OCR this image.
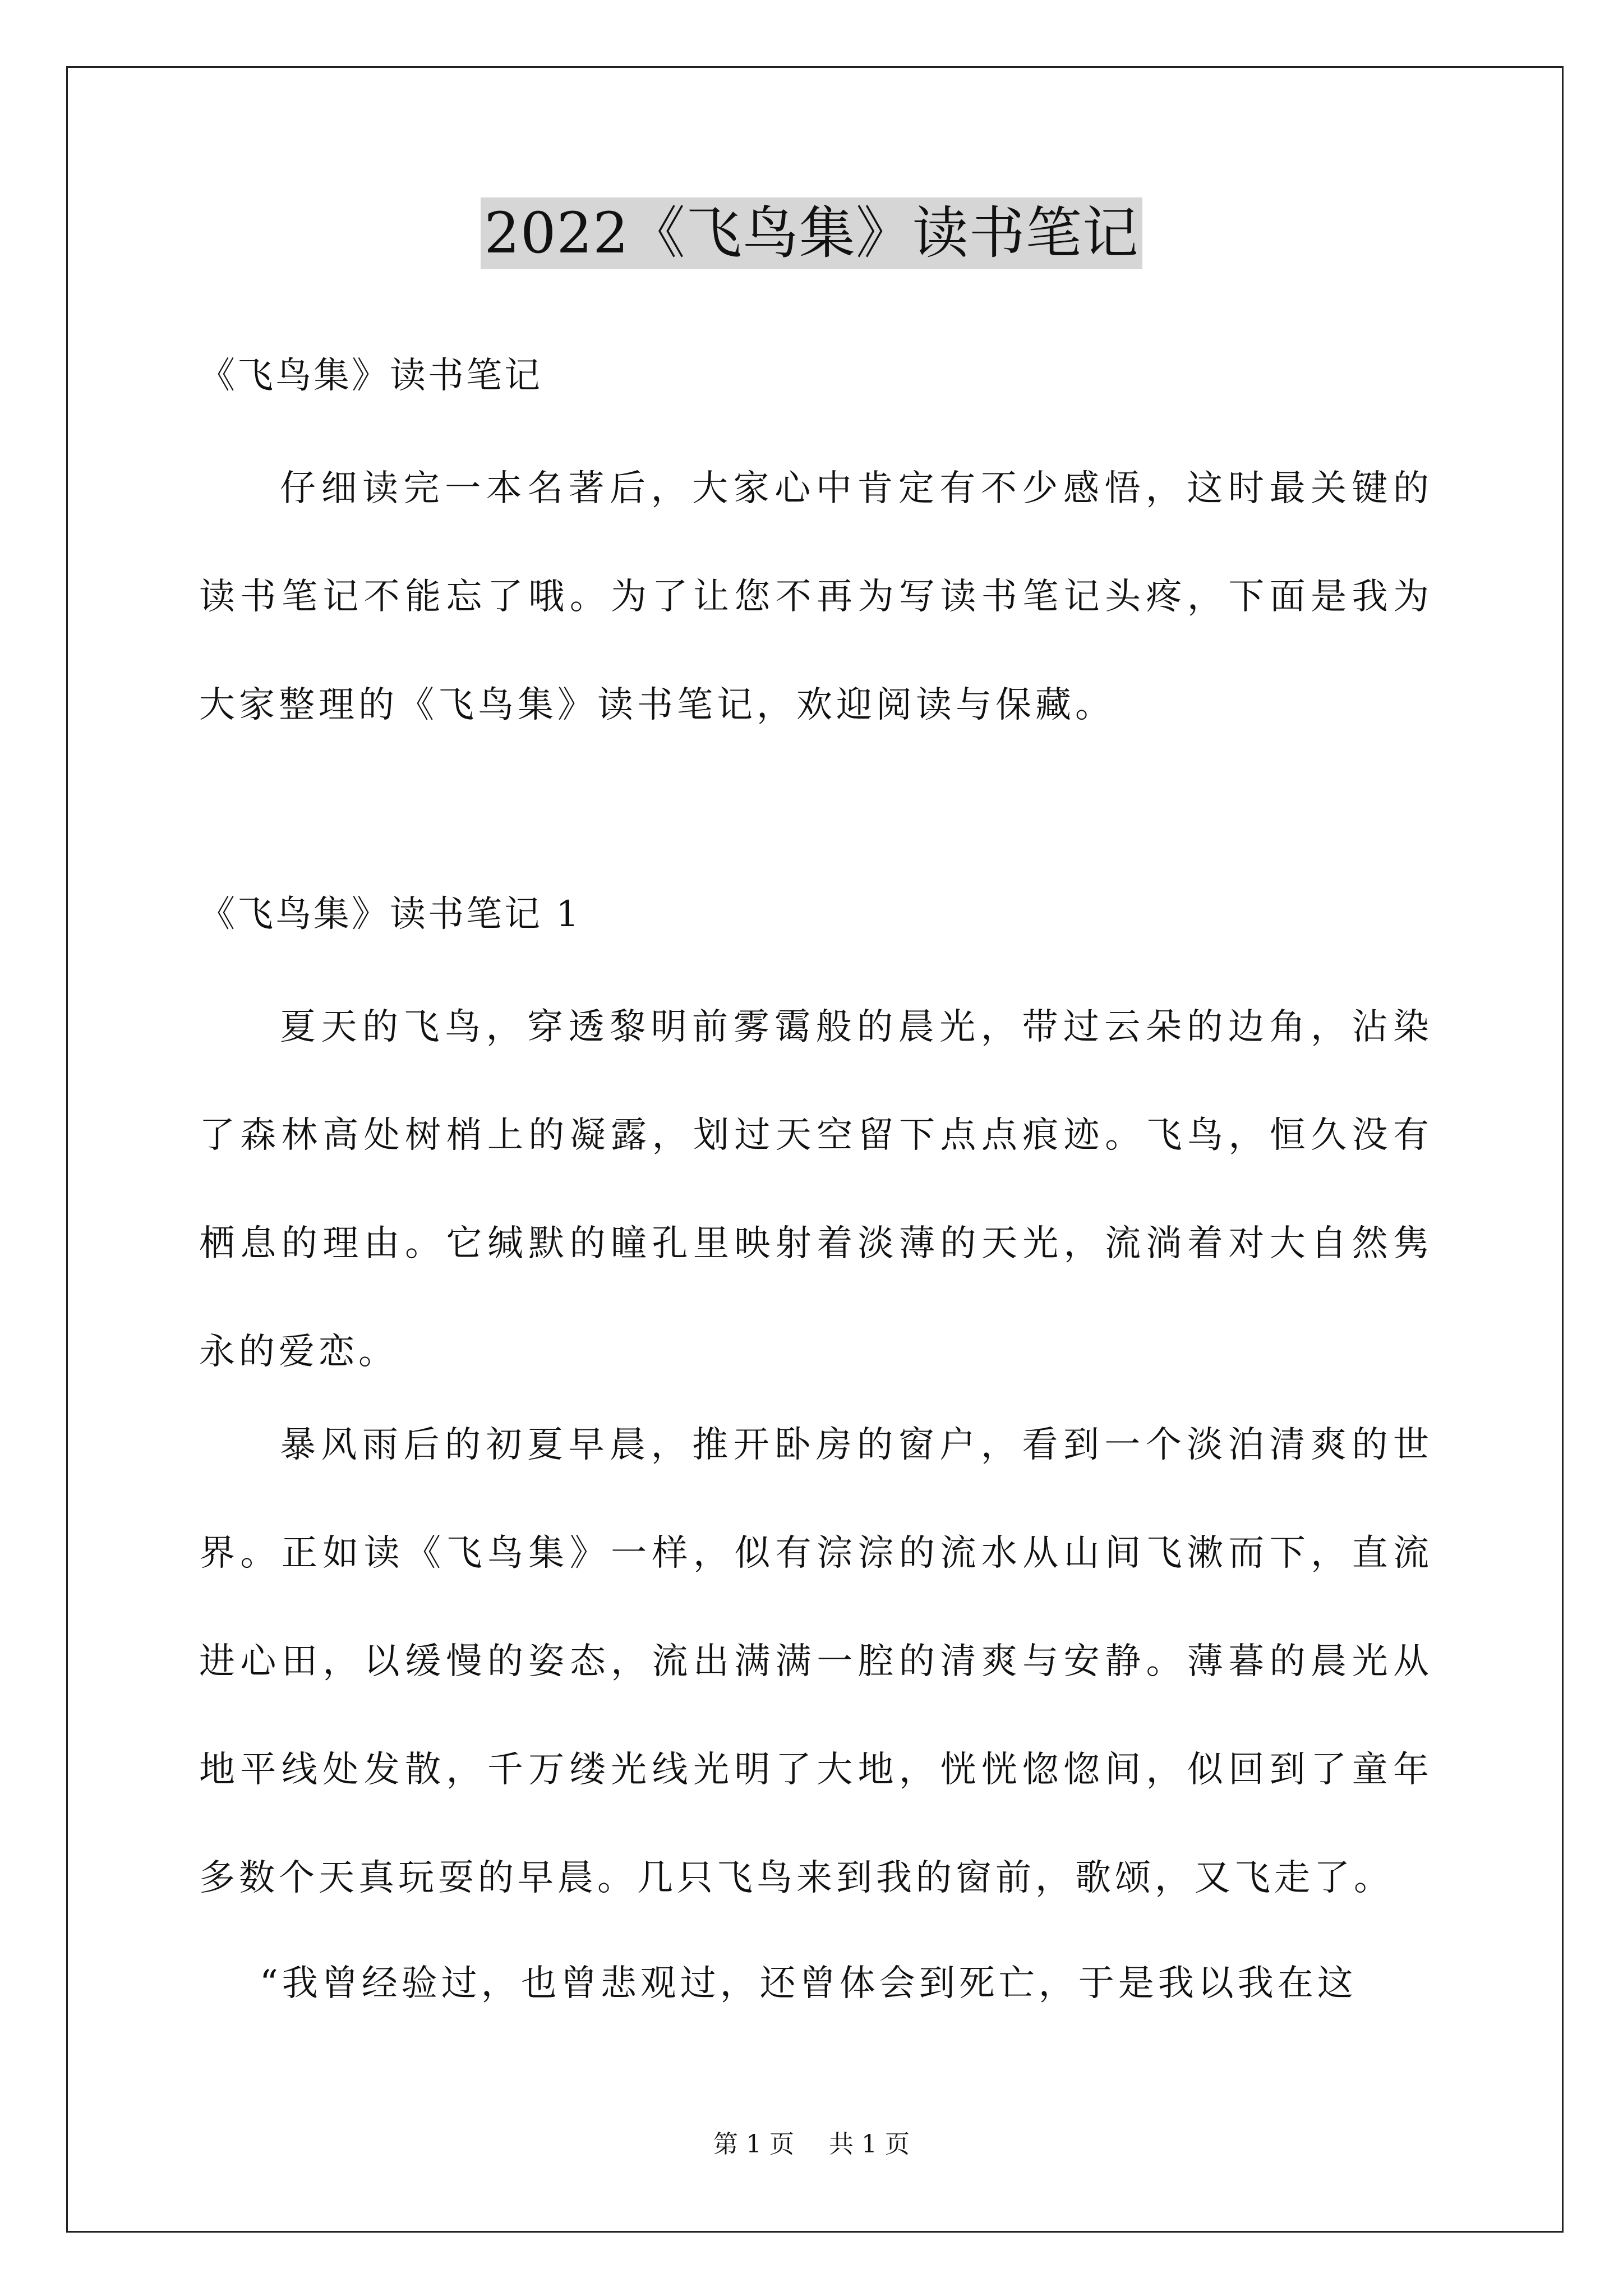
2022《飞鸟集》读书笔记

《飞鸟集》读书笔记

仔细读完一本名著后，大家心中肯定有不少感悟，这时最关键的读书笔记不能忘了哦。为了让您不再为写读书笔记头疼，下面是我为大家整理的《飞鸟集》读书笔记，欢迎阅读与保藏。

《飞鸟集》读书笔记 1

夏天的飞鸟，穿透黎明前雾霭般的晨光，带过云朵的边角，沾染了森林高处树梢上的凝露，划过天空留下点点痕迹。飞鸟，恒久没有栖息的理由。它缄默的瞳孔里映射着淡薄的天光，流淌着对大自然隽永的爱恋。

暴风雨后的初夏早晨，推开卧房的窗户，看到一个淡泊清爽的世界。正如读《飞鸟集》一样，似有淙淙的流水从山间飞漱而下，直流进心田，以缓慢的姿态，流出满满一腔的清爽与安静。薄暮的晨光从地平线处发散，千万缕光线光明了大地，恍恍惚惚间，似回到了童年多数个天真玩耍的早晨。几只飞鸟来到我的窗前，歌颂，又飞走了。

“我曾经验过，也曾悲观过，还曾体会到死亡，于是我以我在这

第 1 页 共 1 页
